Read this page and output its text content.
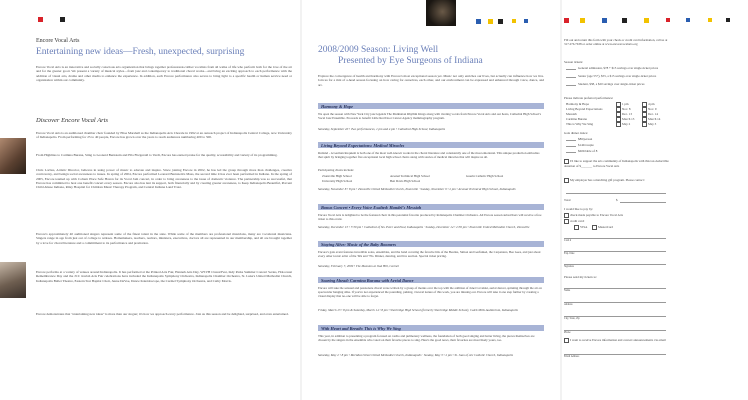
Encore Vocal Arts

Entertaining new ideas—Fresh, unexpected, surprising

Encore Vocal Arts is an innovative and socially conscious arts organization that brings together professional-caliber vocalists from all walks of life who perform both for the love of the art and for the greater good. We present a variety of musical styles—from jazz and contemporary to traditional choral works—and bring an exciting approach to each performance with the addition of visual arts, drama and other media to enhance the experience. In addition, each Encore performance also serves to bring light to a specific health or human service need or organization within our community.

Discover Encore Vocal Arts

Encore Vocal Arts is an auditioned chamber choir founded by Elise Marshall as the Indianapolis Arts Chorale in 1992 at an outreach project of Indianapolis Central College, now University of Indianapolis. From performing for 25 to 40 people, Encore has grown over the years to reach audiences numbering 400 to 500.

From Highlites to Carmina Burana, Sting to Leonard Bernstein and Ella Fitzgerald to Verdi, Encore has earned praise for the quality, accessibility and variety of its programming.

Chris Lorbus, Artistic Director, believes in using power of music to educate and inspire. Since joining Encore in 2002, he has led the group through more than challenges, creative controversy, and benign social awareness to issues. In spring of 2004, Encore performed Leonard Bernstein's Mass, the second time it has ever been performed in Indiana. In the spring of 2005, Encore teamed up with Coburn Place Safe Haven for its Vocal Jam concert, in order to bring awareness to the issue of domestic violence. The partnership was so successful, that Encore has committed to host one benefit concert every season. Encore also has lent its support, both financially and by creating greater awareness, to Keep Indianapolis Beautiful, Prevent Child Abuse Indiana, Riley Hospital for Children Music Therapy Program, and Central Indiana Land Trust.

Encore's approximately 40 auditioned singers represent some of the finest talent in the state. While some of the members are professional musicians, many are vocational musicians. Singers range in age from just out of college to retirees. Homemakers, teachers, realtors, ministers, executives, doctors all are represented in our membership, and all are brought together by a love for choral literature and a commitment to its performance and promotion.

Encore performs at a variety of venues around Indianapolis. It has performed at the Printed Arts Fair, Hannah Arts Day, WSVH ClassicFest, Indy Parks Summer Concert Series, Holocaust Remembrance Day and the JCC Jewish Arts Fair celebrations have included the Indianapolis Symphony Orchestra, Indianapolis Chamber Orchestra, St. Luke's United Methodist Church, Indianapolis Ballet Theatre, Eastern Star Baptist Choir, Jeune DeVoe, Dance Kaleidoscope, the Carmel Symphony Orchestra, and Cathy Morris.

Encore demonstrates that "entertaining new ideas" is more than our slogan; it's how we approach every performance. Join us this season and be delighted, surprised, and even entertained.

2008/2009 Season: Living Well

Presented by Eye Surgeons of Indiana

Explore the convergence of health and harmony with Encore's most exceptional season yet. Music not only enriches our lives, but actually can influence how we live. Join us for a mix of a-head season focusing on how caring for ourselves, each other, and our environment can be expressed and enhanced through voice, dance, and art.

Harmony & Hope

We open the season with New York City jazz legends The Manhattan Rhythm Kings along with riveting vocals from Encore Vocal Arts and our hosts, Cathedral High School's Vocal Jazz Ensemble. Proceeds to benefit Little Red Door Cancer Agency mammography program.

Saturday, September 20 • Two performances, 1 pm and 4 pm • Cathedral High School, Indianapolis

Living Beyond Expectations: Medical Miracles

Rutland - A German Requiem is both one of the most well-known works in the choral literature and consistently one of the most emotional. This unique production embodies that spirit by bringing together five exceptional local high school choirs along with stories of medical miracles that will inspire us all.

Participating choirs include:

Zionsville High School	Arsenal Technical High School	Guerin Catholic High School

University High School	Ben Davis High School

Saturday, November 8 • 8 pm • Zionsville United Methodist Church, Zionsville · Sunday, November 9 • 2 pm • Arsenal Technical High School, Indianapolis

Bonus Concert • Every Voice Exalted: Handel's Messiah

Encore Vocal Arts is delighted to be the featured choir in this perennial favorite produced by Indianapolis Chamber Orchestra. All Encore season subscribers will receive a free ticket to this event.

Saturday, December 13 • 7:30 pm • Cathedral of Sts. Peter and Paul, Indianapolis · Sunday, December 14 • 2:30 pm • Zionsville United Methodist Church, Zionsville

Staying Alive: Music of the Baby Boomers

Encore's gala event features incredible solos, ensembles, and the band covering the favorite hits of the Beatles, Simon and Garfunkel, the Carpenters, Bee Gees, and just about every other iconic artist of the '60s and '70s. Dinner, dancing, and live auction. Special ticket pricing.

Saturday, February 7, 2009 • The Mansion at Oak Hill, Carmel

Soaring Ahead: Carmina Burana with Aerial Dance

Encore will take the sensual and passionate choral verse written by a group of monks over the top with the addition of Janet Covalski, aerial dancer, spinning through the air on spectacular hanging silks. If you've not experienced the pounding, pulsing, visceral nature of this work, you are missing out. Encore will take it one step further by creating a visual display that no-one will be able to forget.

Friday, March 13 • 8 pm & Saturday, March 14 • 8 pm • Shortridge High School (formerly Shortridge Middle School), Caleb Mills Auditorium, Indianapolis

With Heart and Breath: This is Why We Sing

This year, in addition to presenting a program focused on cardio and pulmonary wellness, the foundation of both good singing and better living, the pieces themselves are chosen by the singers in the ensemble who voted on their favorite pieces to sing. Here's the good news, their favorites are most likely yours, too.

Saturday, May 2 • 8 pm • Meridian Street United Methodist Church, Indianapolis · Sunday, May 3 • 2 pm • St. Joan of Arc Catholic Church, Indianapolis

Fill out and return this form with your check or credit card information, call us at 317.276.7638 or order online at www.encorevocalarts.org

Season tickets:

General admission, $78 + $15 savings over single-ticket prices

Senior (age 55+), $55, a $15 savings over single-ticket prices

Student, $38, a $20 savings over single-ticket prices

Please indicate preferred performance:

Harmony & Hope	1 pm	4 pm

Living Beyond Expectations	Nov. 8	Nov. 9

Messiah	Dec. 13	Dec. 14

Carmina Burana	March 13	March 14

This is Why We Sing	May 2	May 3

Gala dinner dance:

$80/person

$140/couple

$600/table of 8

I'd like to support the arts community of Indianapolis with this tax-deductible donation of $_______ to Encore Vocal Arts

My employer has a matching gift program. Please contact:

Total	$

I would like to pay by:

check made payable to Encore Vocal Arts

credit card:

VISA	MasterCard

Card #

Exp. Date

Signature

Please send my tickets to:

Name

Address

City, State, Zip

Phone

I want to receive Encore information and concert announcements via email

Email Address
